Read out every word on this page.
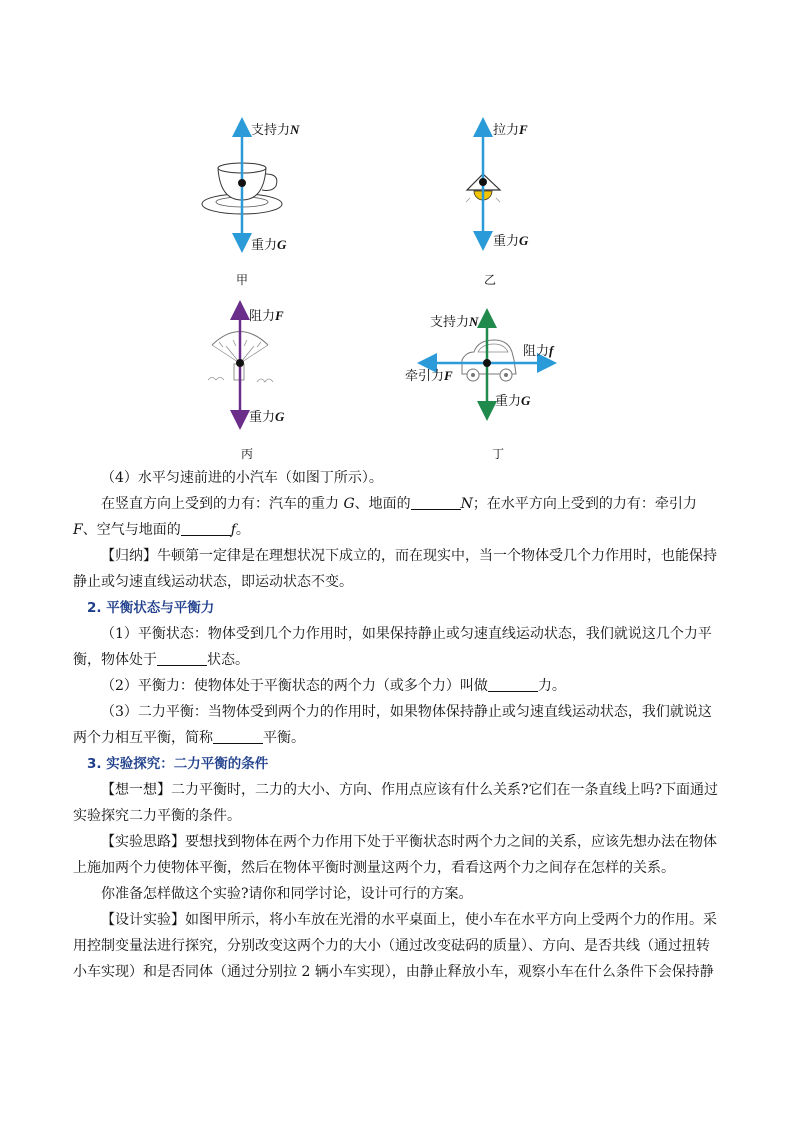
支持力N
重力G
甲
拉力F
重力G
乙
阻力F
重力G
丙
支持力N
阻力f
牵引力F
重力G
丁

（4）水平匀速前进的小汽车（如图丁所示）。

在竖直方向上受到的力有：汽车的重力 G、地面的	N；在水平方向上受到的力有：牵引力
F、空气与地面的	f。

【归纳】牛顿第一定律是在理想状况下成立的，而在现实中，当一个物体受几个力作用时，也能保持静止或匀速直线运动状态，即运动状态不变。

2. 平衡状态与平衡力

（1）平衡状态：物体受到几个力作用时，如果保持静止或匀速直线运动状态，我们就说这几个力平衡，物体处于	状态。

（2）平衡力：使物体处于平衡状态的两个力（或多个力）叫做	力。

（3）二力平衡：当物体受到两个力的作用时，如果物体保持静止或匀速直线运动状态，我们就说这两个力相互平衡，简称	平衡。

3. 实验探究：二力平衡的条件

【想一想】二力平衡时，二力的大小、方向、作用点应该有什么关系?它们在一条直线上吗?下面通过实验探究二力平衡的条件。

【实验思路】要想找到物体在两个力作用下处于平衡状态时两个力之间的关系，应该先想办法在物体上施加两个力使物体平衡，然后在物体平衡时测量这两个力，看看这两个力之间存在怎样的关系。

你准备怎样做这个实验?请你和同学讨论，设计可行的方案。

【设计实验】如图甲所示，将小车放在光滑的水平桌面上，使小车在水平方向上受两个力的作用。采用控制变量法进行探究，分别改变这两个力的大小（通过改变砝码的质量）、方向、是否共线（通过扭转小车实现）和是否同体（通过分别拉 2 辆小车实现），由静止释放小车，观察小车在什么条件下会保持静
